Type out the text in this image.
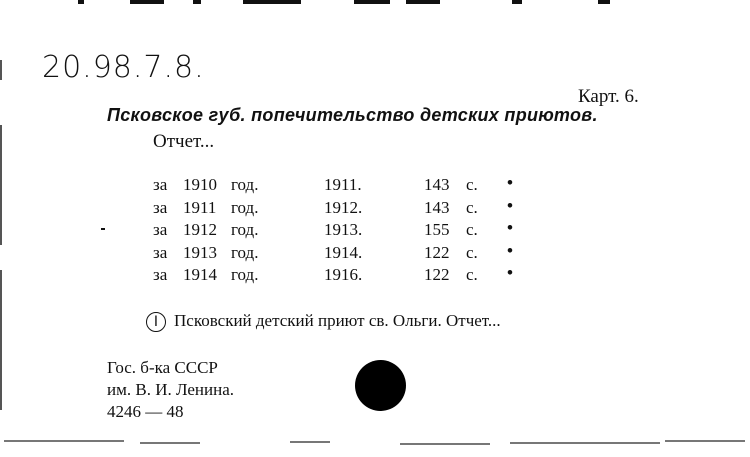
20.98.7.8.
Карт. 6.
Псковское губ. попечительство детских приютов.
Отчет...
за 1910 год.	1911.	143 с. •
за 1911 год.	1912.	143 с. •
за 1912 год.	1913.	155 с. •
за 1913 год.	1914.	122 с. •
за 1914 год.	1916.	122 с. •
I Псковский детский приют св. Ольги. Отчет...
Гос. б-ка СССР
им. В. И. Ленина.
4246 — 48
